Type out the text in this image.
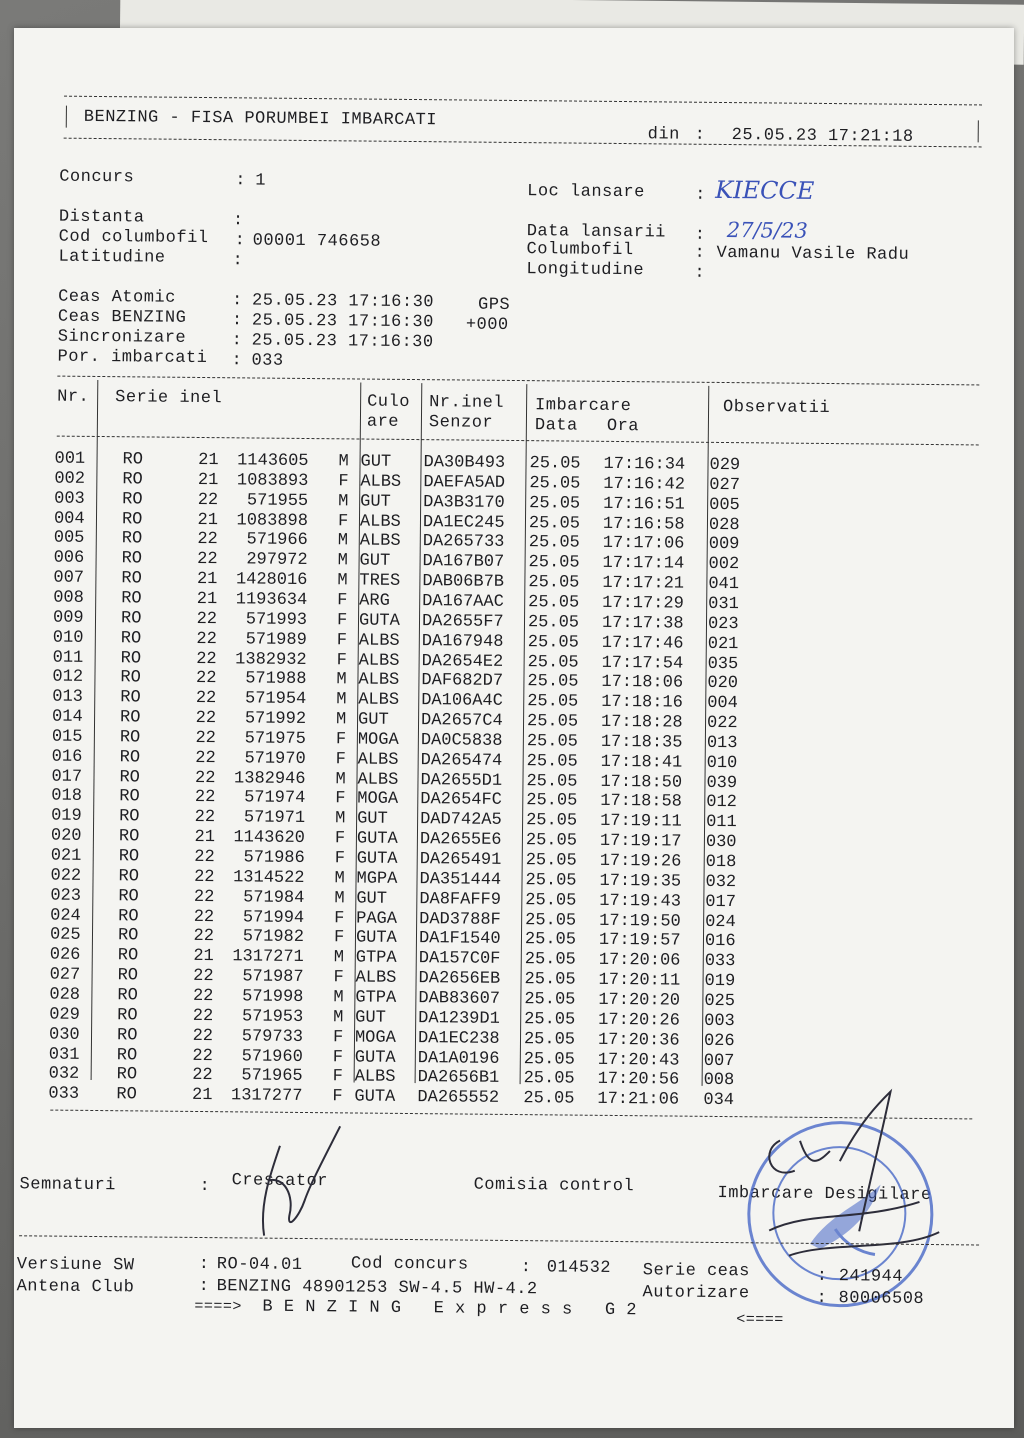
BENZING - FISA PORUMBEI IMBARCATI
din : 25.05.23 17:21:18
Concurs	: 1
Loc lansare	: KIECCE
Distanta	:
Data lansarii : 27/5/23
Cod columbofil : 00001 746658	Columbofil	: Vamanu Vasile Radu
Latitudine	:	Longitudine	:
Ceas Atomic	: 25.05.23 17:16:30	GPS
Ceas BENZING	: 25.05.23 17:16:30 +000
Sincronizare	: 25.05.23 17:16:30
Por. imbarcati : 033
Nr. Serie inel	Culo
are
Nr.inel
Senzor
Imbarcare
Data Ora
Observatii
001 RO	21	1143605 M GUT DA30B493 25.05 17:16:34 029
002 RO	21	1083893 F ALBS DAEFA5AD 25.05 17:16:42 027
003 RO	22	571955 M GUT DA3B3170 25.05 17:16:51 005
004 RO	21	1083898 F ALBS DA1EC245 25.05 17:16:58 028
005 RO	22	571966 M ALBS DA265733 25.05 17:17:06 009
006 RO	22	297972 M GUT DA167B07 25.05 17:17:14 002
007 RO	21	1428016 M TRES DAB06B7B 25.05 17:17:21 041
008 RO	21	1193634 F ARG DA167AAC 25.05 17:17:29 031
009 RO	22	571993 F GUTA DA2655F7 25.05 17:17:38 023
010 RO	22	571989 F ALBS DA167948 25.05 17:17:46 021
011 RO	22	1382932 F ALBS DA2654E2 25.05 17:17:54 035
012 RO	22	571988 M ALBS DAF682D7 25.05 17:18:06 020
013 RO	22	571954 M ALBS DA106A4C 25.05 17:18:16 004
014 RO	22	571992 M GUT DA2657C4 25.05 17:18:28 022
015 RO	22	571975 F MOGA DA0C5838 25.05 17:18:35 013
016 RO	22	571970 F ALBS DA265474 25.05 17:18:41 010
017 RO	22	1382946 M ALBS DA2655D1 25.05 17:18:50 039
018 RO	22	571974 F MOGA DA2654FC 25.05 17:18:58 012
019 RO	22	571971 M GUT DAD742A5 25.05 17:19:11 011
020 RO	21	1143620 F GUTA DA2655E6 25.05 17:19:17 030
021 RO	22	571986 F GUTA DA265491 25.05 17:19:26 018
022 RO	22	1314522 M MGPA DA351444 25.05 17:19:35 032
023 RO	22	571984 M GUT DA8FAFF9 25.05 17:19:43 017
024 RO	22	571994 F PAGA DAD3788F 25.05 17:19:50 024
025 RO	22	571982 F GUTA DA1F1540 25.05 17:19:57 016
026 RO	21	1317271 M GTPA DA157C0F 25.05 17:20:06 033
027 RO	22	571987 F ALBS DA2656EB 25.05 17:20:11 019
028 RO	22	571998 M GTPA DAB83607 25.05 17:20:20 025
029 RO	22	571953 M GUT DA1239D1 25.05 17:20:26 003
030 RO	22	579733 F MOGA DA1EC238 25.05 17:20:36 026
031 RO	22	571960 F GUTA DA1A0196 25.05 17:20:43 007
032 RO	22	571965 F ALBS DA2656B1 25.05 17:20:56 008
033 RO	21	1317277 F GUTA DA265552 25.05 17:21:06 034
Semnaturi	: Crescator	Comisia control	Imbarcare Desigilare
Versiune SW	: RO-04.01	Cod concurs	: 014532 Serie ceas	: 241944
Antena Club	: BENZING 48901253 SW-4.5 HW-4.2	Autorizare	: 80006508
====> B E N Z I N G   E x p r e s s   G 2	<====
